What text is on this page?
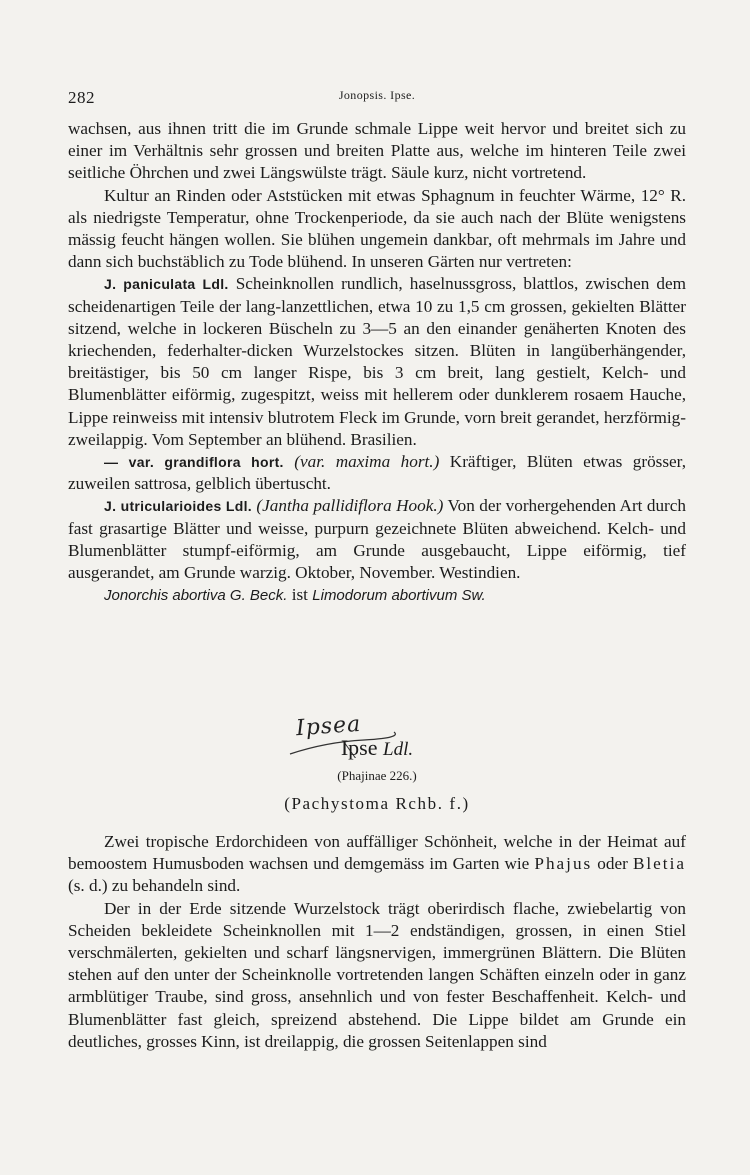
282	Jonopsis. Ipse.

wachsen, aus ihnen tritt die im Grunde schmale Lippe weit hervor und breitet sich zu einer im Verhältnis sehr grossen und breiten Platte aus, welche im hinteren Teile zwei seitliche Öhrchen und zwei Längswülste trägt. Säule kurz, nicht vortretend.

Kultur an Rinden oder Aststücken mit etwas Sphagnum in feuchter Wärme, 12° R. als niedrigste Temperatur, ohne Trockenperiode, da sie auch nach der Blüte wenigstens mässig feucht hängen wollen. Sie blühen ungemein dankbar, oft mehrmals im Jahre und dann sich buchstäblich zu Tode blühend. In unseren Gärten nur vertreten:

J. paniculata Ldl. Scheinknollen rundlich, haselnussgross, blattlos, zwischen dem scheidenartigen Teile der lang-lanzettlichen, etwa 10 zu 1,5 cm grossen, gekielten Blätter sitzend, welche in lockeren Büscheln zu 3—5 an den einander genäherten Knoten des kriechenden, federhalter-dicken Wurzelstockes sitzen. Blüten in langüberhängender, breitästiger, bis 50 cm langer Rispe, bis 3 cm breit, lang gestielt, Kelch- und Blumenblätter eiförmig, zugespitzt, weiss mit hellerem oder dunklerem rosaem Hauche, Lippe reinweiss mit intensiv blutrotem Fleck im Grunde, vorn breit gerandet, herzförmig-zweilappig. Vom September an blühend. Brasilien.

— var. grandiflora hort. (var. maxima hort.) Kräftiger, Blüten etwas grösser, zuweilen sattrosa, gelblich übertuscht.

J. utricularioides Ldl. (Jantha pallidiflora Hook.) Von der vorhergehenden Art durch fast grasartige Blätter und weisse, purpurn gezeichnete Blüten abweichend. Kelch- und Blumenblätter stumpf-eiförmig, am Grunde ausgebaucht, Lippe eiförmig, tief ausgerandet, am Grunde warzig. Oktober, November. Westindien.

Jonorchis abortiva G. Beck. ist Limodorum abortivum Sw.

Ipsea
Ipse Ldl.
(Phajinae 226.)
(Pachystoma Rchb. f.)

Zwei tropische Erdorchideen von auffälliger Schönheit, welche in der Heimat auf bemoostem Humusboden wachsen und demgemäss im Garten wie Phajus oder Bletia (s. d.) zu behandeln sind.

Der in der Erde sitzende Wurzelstock trägt oberirdisch flache, zwiebelartig von Scheiden bekleidete Scheinknollen mit 1—2 endständigen, grossen, in einen Stiel verschmälerten, gekielten und scharf längsnervigen, immergrünen Blättern. Die Blüten stehen auf den unter der Scheinknolle vortretenden langen Schäften einzeln oder in ganz armblütiger Traube, sind gross, ansehnlich und von fester Beschaffenheit. Kelch- und Blumenblätter fast gleich, spreizend abstehend. Die Lippe bildet am Grunde ein deutliches, grosses Kinn, ist dreilappig, die grossen Seitenlappen sind
